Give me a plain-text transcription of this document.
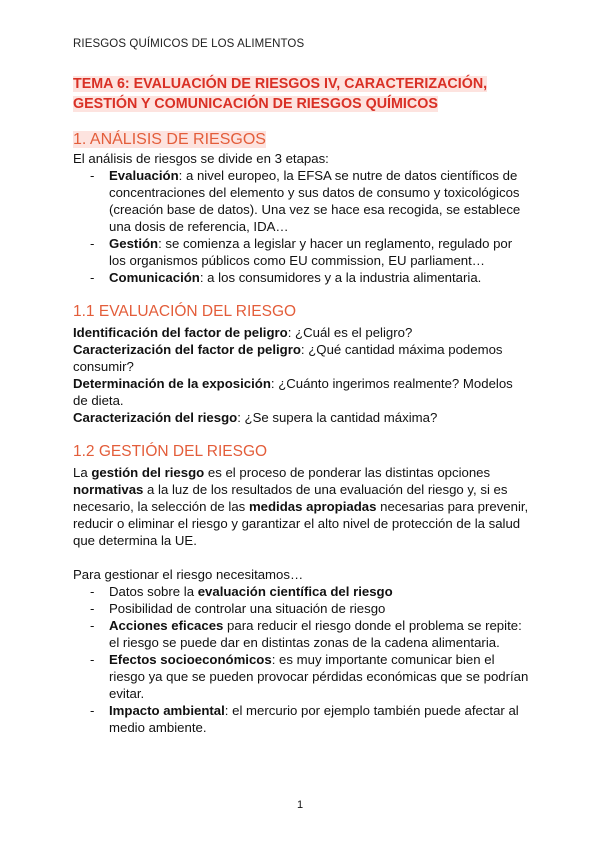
RIESGOS QUÍMICOS DE LOS ALIMENTOS
TEMA 6: EVALUACIÓN DE RIESGOS IV, CARACTERIZACIÓN,
GESTIÓN Y COMUNICACIÓN DE RIESGOS QUÍMICOS
1. ANÁLISIS DE RIESGOS

El análisis de riesgos se divide en 3 etapas:

- Evaluación: a nivel europeo, la EFSA se nutre de datos científicos de concentraciones del elemento y sus datos de consumo y toxicológicos (creación base de datos). Una vez se hace esa recogida, se establece una dosis de referencia, IDA…
- Gestión: se comienza a legislar y hacer un reglamento, regulado por los organismos públicos como EU commission, EU parliament…
- Comunicación: a los consumidores y a la industria alimentaria.
1.1 EVALUACIÓN DEL RIESGO

Identificación del factor de peligro: ¿Cuál es el peligro?

Caracterización del factor de peligro: ¿Qué cantidad máxima podemos consumir?

Determinación de la exposición: ¿Cuánto ingerimos realmente? Modelos de dieta.

Caracterización del riesgo: ¿Se supera la cantidad máxima?

1.2 GESTIÓN DEL RIESGO

La gestión del riesgo es el proceso de ponderar las distintas opciones normativas a la luz de los resultados de una evaluación del riesgo y, si es necesario, la selección de las medidas apropiadas necesarias para prevenir, reducir o eliminar el riesgo y garantizar el alto nivel de protección de la salud que determina la UE.

Para gestionar el riesgo necesitamos…

- Datos sobre la evaluación científica del riesgo
- Posibilidad de controlar una situación de riesgo
- Acciones eficaces para reducir el riesgo donde el problema se repite: el riesgo se puede dar en distintas zonas de la cadena alimentaria.
- Efectos socioeconómicos: es muy importante comunicar bien el riesgo ya que se pueden provocar pérdidas económicas que se podrían evitar.
- Impacto ambiental: el mercurio por ejemplo también puede afectar al medio ambiente.
1
